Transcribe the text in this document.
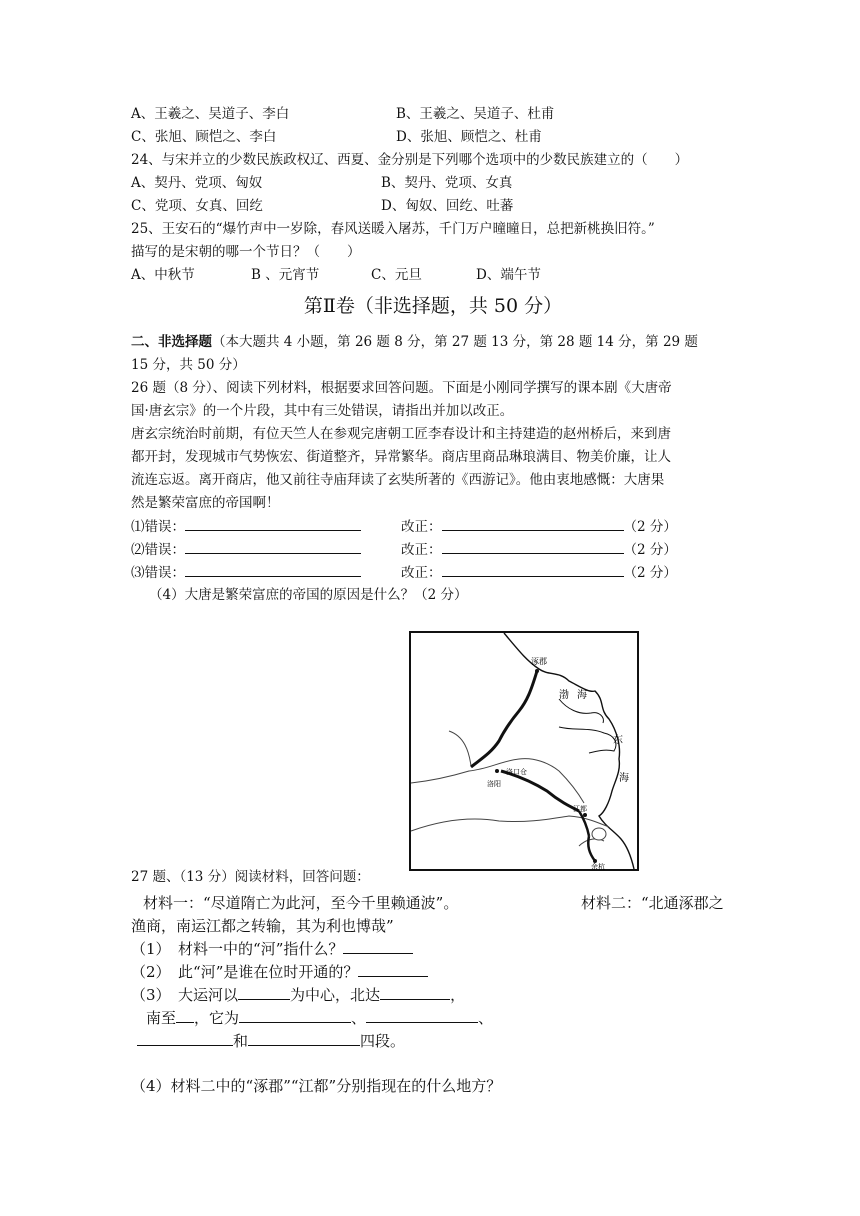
A、王羲之、吴道子、李白	B、王羲之、吴道子、杜甫
C、张旭、顾恺之、李白	D、张旭、顾恺之、杜甫
24、与宋并立的少数民族政权辽、西夏、金分别是下列哪个选项中的少数民族建立的（　　）
A、契丹、党项、匈奴	B、契丹、党项、女真
C、党项、女真、回纥	D、匈奴、回纥、吐蕃
25、王安石的“爆竹声中一岁除，春风送暖入屠苏，千门万户曈曈日，总把新桃换旧符。”
描写的是宋朝的哪一个节日？（　　）
A、中秋节	B 、元宵节	C、元旦	D、端午节
第Ⅱ卷（非选择题，共 50 分）
二、非选择题（本大题共 4 小题，第 26 题 8 分，第 27 题 13 分，第 28 题 14 分，第 29 题
15 分，共 50 分）
26 题（8 分）、阅读下列材料，根据要求回答问题。下面是小刚同学撰写的课本剧《大唐帝
国·唐玄宗》的一个片段，其中有三处错误，请指出并加以改正。
唐玄宗统治时前期，有位天竺人在参观完唐朝工匠李春设计和主持建造的赵州桥后，来到唐
都开封，发现城市气势恢宏、街道整齐，异常繁华。商店里商品琳琅满目、物美价廉，让人
流连忘返。离开商店，他又前往寺庙拜读了玄奘所著的《西游记》。他由衷地感慨：大唐果
然是繁荣富庶的帝国啊！
⑴错误：	改正：	（2 分）
⑵错误：	改正：	（2 分）
⑶错误：	改正：	（2 分）
（4）大唐是繁荣富庶的帝国的原因是什么？（2 分）
涿郡
渤 海
东
海
洛阳
洛口仓
江都
余杭
27 题、（13 分）阅读材料，回答问题：
材料一：“尽道隋亡为此河，至今千里赖通波”。	材料二：“北通涿郡之
渔商，南运江都之转输，其为利也博哉”
（1）　材料一中的“河”指什么？
（2）　此“河”是谁在位时开通的？
（3）　大运河以	为中心，北达	，
南至 ，它为	、	、
和	四段。
（4）材料二中的“涿郡”“江都”分别指现在的什么地方？
